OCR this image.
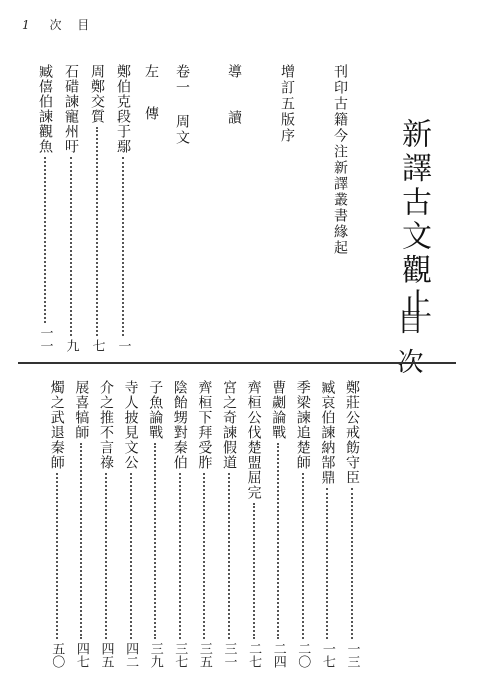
1 次 目
新譯古文觀止
目次
刊印古籍今注新譯叢書緣起
增訂五版序
導 讀
卷一 周文
左 傳
鄭伯克段于鄢
一
周鄭交質
七
石碏諫寵州吁
九
臧僖伯諫觀魚
一一
鄭莊公戒飭守臣
一三
臧哀伯諫納郜鼎
一七
季梁諫追楚師
二〇
曹劌論戰
二四
齊桓公伐楚盟屈完
二七
宮之奇諫假道
三一
齊桓下拜受胙
三五
陰飴甥對秦伯
三七
子魚論戰
三九
寺人披見文公
四二
介之推不言祿
四五
展喜犒師
四七
燭之武退秦師
五〇
